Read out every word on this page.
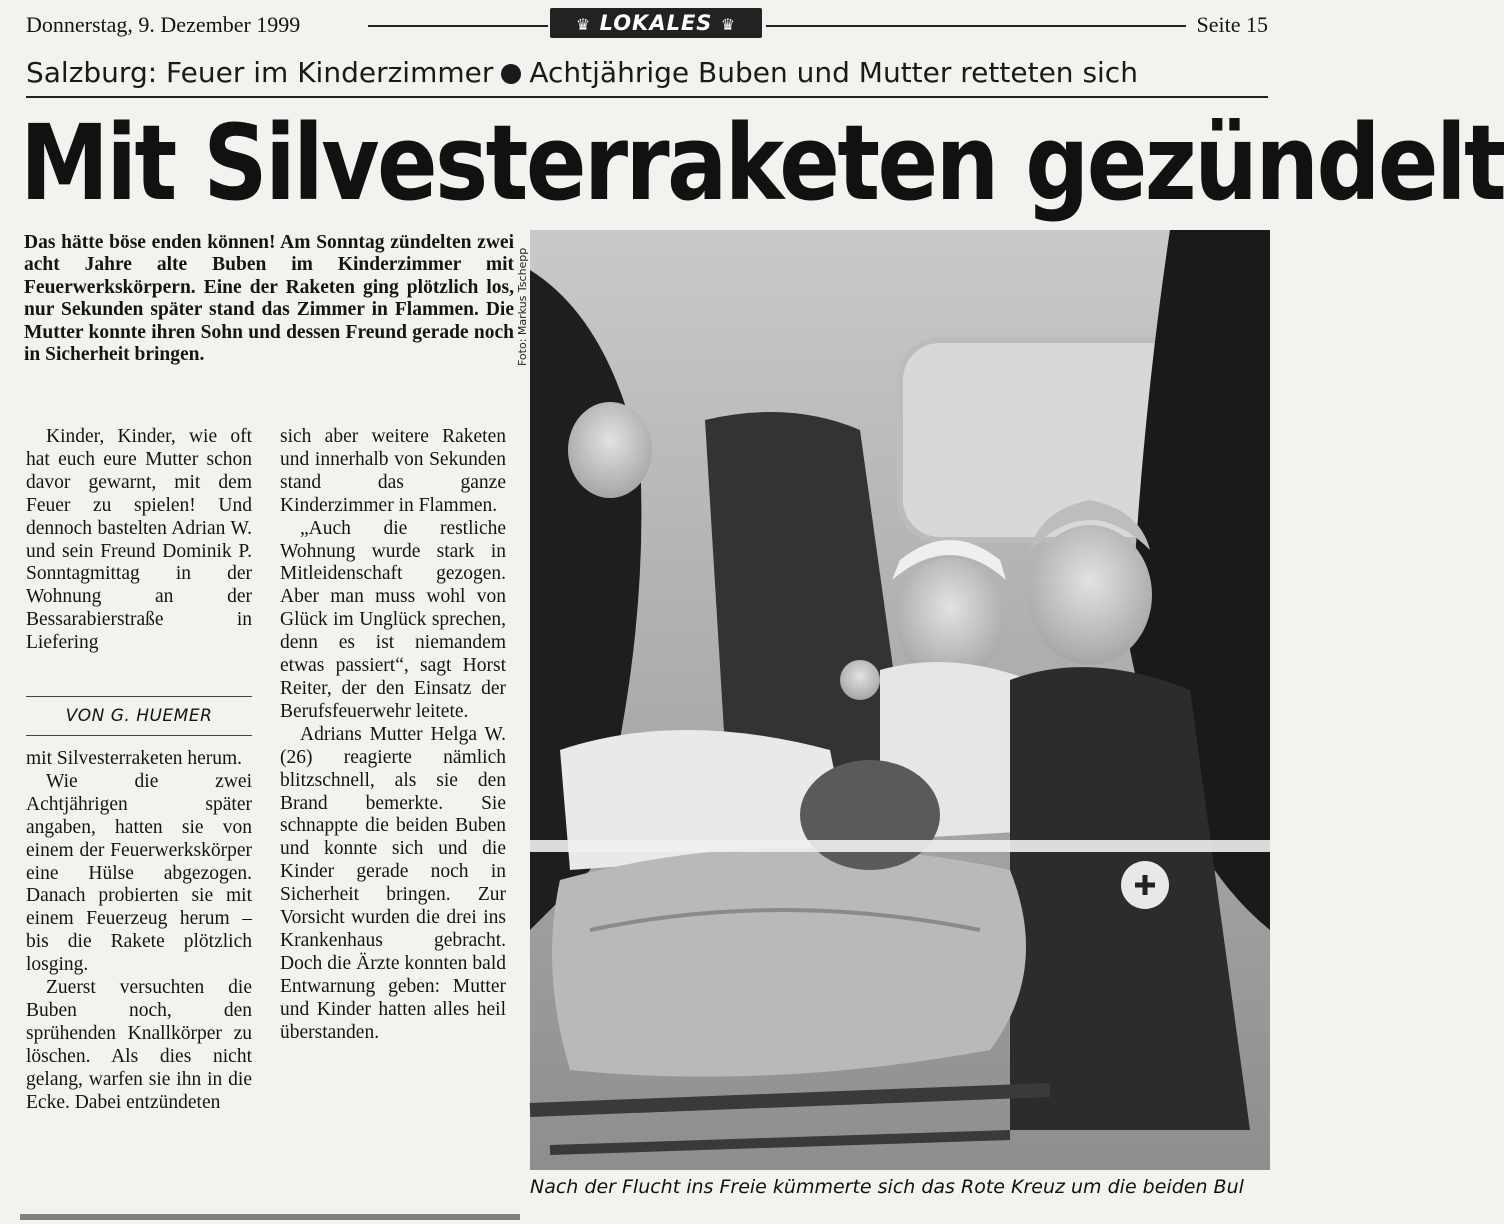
Donnerstag, 9. Dezember 1999	♛ LOKALES ♛	Seite 15
Salzburg: Feuer im Kinderzimmer Achtjährige Buben und Mutter retteten sich
Mit Silvesterraketen gezündelt
Das hätte böse enden können! Am Sonntag zündelten zwei acht Jahre alte Buben im Kinderzimmer mit Feuerwerkskörpern. Eine der Raketen ging plötzlich los, nur Sekunden später stand das Zimmer in Flammen. Die Mutter konnte ihren Sohn und dessen Freund gerade noch in Sicherheit bringen.

Kinder, Kinder, wie oft hat euch eure Mutter schon davor gewarnt, mit dem Feuer zu spielen! Und dennoch bastelten Adrian W. und sein Freund Dominik P. Sonntagmittag in der Wohnung an der Bessarabierstraße in Liefering

VON G. HUEMER

mit Silvesterraketen herum.

Wie die zwei Achtjährigen später angaben, hatten sie von einem der Feuerwerkskörper eine Hülse abgezogen. Danach probierten sie mit einem Feuerzeug herum – bis die Rakete plötzlich losging.

Zuerst versuchten die Buben noch, den sprühenden Knallkörper zu löschen. Als dies nicht gelang, warfen sie ihn in die Ecke. Dabei entzündeten

sich aber weitere Raketen und innerhalb von Sekunden stand das ganze Kinderzimmer in Flammen.

„Auch die restliche Wohnung wurde stark in Mitleidenschaft gezogen. Aber man muss wohl von Glück im Unglück sprechen, denn es ist niemandem etwas passiert“, sagt Horst Reiter, der den Einsatz der Berufsfeuerwehr leitete.

Adrians Mutter Helga W. (26) reagierte nämlich blitzschnell, als sie den Brand bemerkte. Sie schnappte die beiden Buben und konnte sich und die Kinder gerade noch in Sicherheit bringen. Zur Vorsicht wurden die drei ins Krankenhaus gebracht. Doch die Ärzte konnten bald Entwarnung geben: Mutter und Kinder hatten alles heil überstanden.

Foto: Markus Tschepp
Nach der Flucht ins Freie kümmerte sich das Rote Kreuz um die beiden Bul
